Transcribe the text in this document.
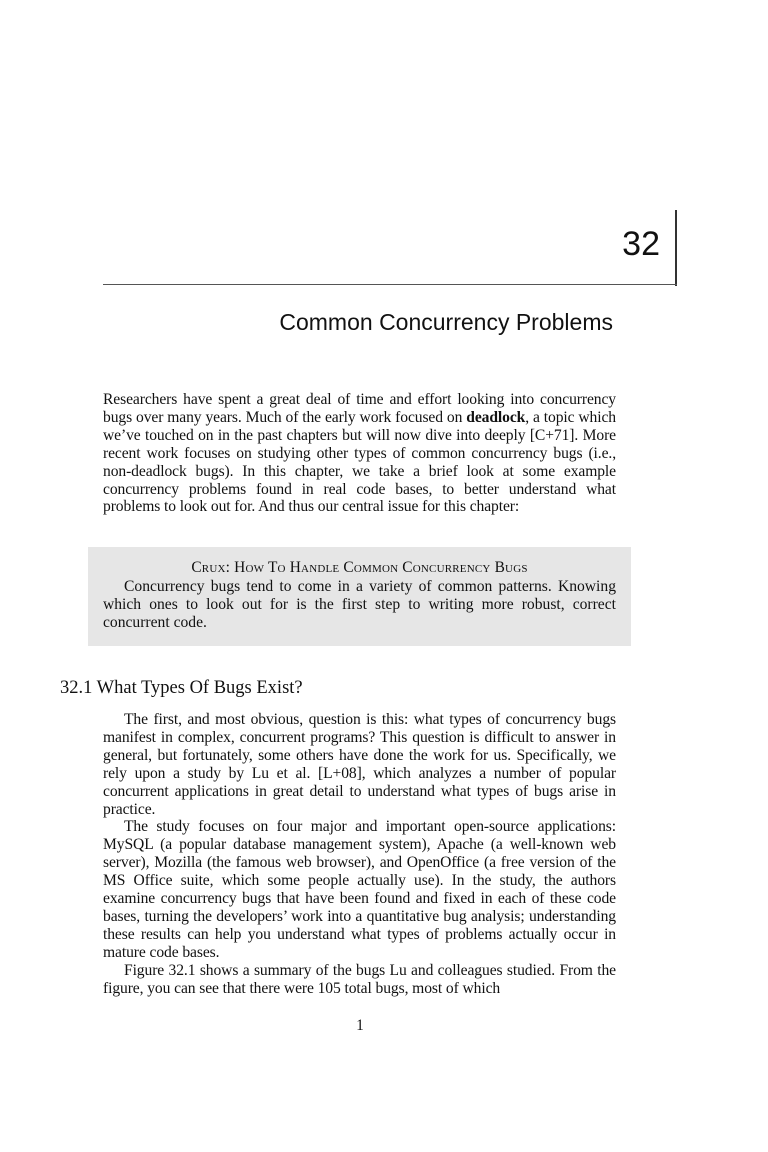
32
Common Concurrency Problems
Researchers have spent a great deal of time and effort looking into concurrency bugs over many years. Much of the early work focused on deadlock, a topic which we’ve touched on in the past chapters but will now dive into deeply [C+71]. More recent work focuses on studying other types of common concurrency bugs (i.e., non-deadlock bugs). In this chapter, we take a brief look at some example concurrency problems found in real code bases, to better understand what problems to look out for. And thus our central issue for this chapter:
Crux: How To Handle Common Concurrency Bugs
Concurrency bugs tend to come in a variety of common patterns. Knowing which ones to look out for is the first step to writing more robust, correct concurrent code.
32.1 What Types Of Bugs Exist?

The first, and most obvious, question is this: what types of concurrency bugs manifest in complex, concurrent programs? This question is difficult to answer in general, but fortunately, some others have done the work for us. Specifically, we rely upon a study by Lu et al. [L+08], which analyzes a number of popular concurrent applications in great detail to understand what types of bugs arise in practice.

The study focuses on four major and important open-source applications: MySQL (a popular database management system), Apache (a well-known web server), Mozilla (the famous web browser), and OpenOffice (a free version of the MS Office suite, which some people actually use). In the study, the authors examine concurrency bugs that have been found and fixed in each of these code bases, turning the developers’ work into a quantitative bug analysis; understanding these results can help you understand what types of problems actually occur in mature code bases.

Figure 32.1 shows a summary of the bugs Lu and colleagues studied. From the figure, you can see that there were 105 total bugs, most of which

1
